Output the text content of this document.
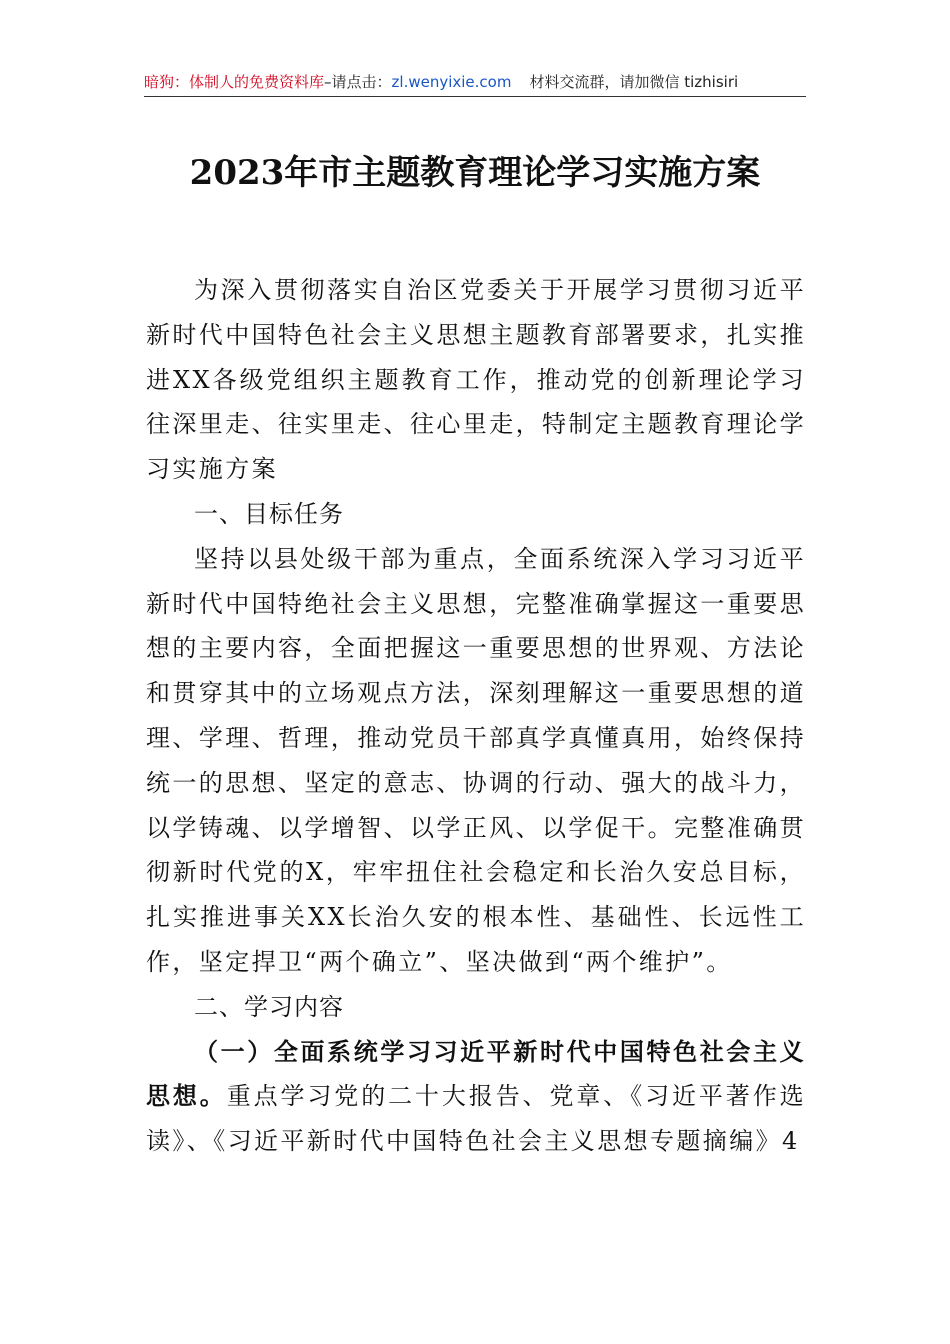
暗狗：体制人的免费资料库–请点击：zl.wenyixie.com 材料交流群，请加微信 tizhisiri
2023年市主题教育理论学习实施方案

为深入贯彻落实自治区党委关于开展学习贯彻习近平新时代中国特色社会主义思想主题教育部署要求，扎实推进XX各级党组织主题教育工作，推动党的创新理论学习往深里走、往实里走、往心里走，特制定主题教育理论学习实施方案

一、目标任务

坚持以县处级干部为重点，全面系统深入学习习近平新时代中国特绝社会主义思想，完整准确掌握这一重要思想的主要内容，全面把握这一重要思想的世界观、方法论和贯穿其中的立场观点方法，深刻理解这一重要思想的道理、学理、哲理，推动党员干部真学真懂真用，始终保持统一的思想、坚定的意志、协调的行动、强大的战斗力，以学铸魂、以学增智、以学正风、以学促干。完整准确贯彻新时代党的X，牢牢扭住社会稳定和长治久安总目标，扎实推进事关XX长治久安的根本性、基础性、长远性工作，坚定捍卫“两个确立”、坚决做到“两个维护”。

二、学习内容

（一）全面系统学习习近平新时代中国特色社会主义思想。重点学习党的二十大报告、党章、《习近平著作选读》、《习近平新时代中国特色社会主义思想专题摘编》4
